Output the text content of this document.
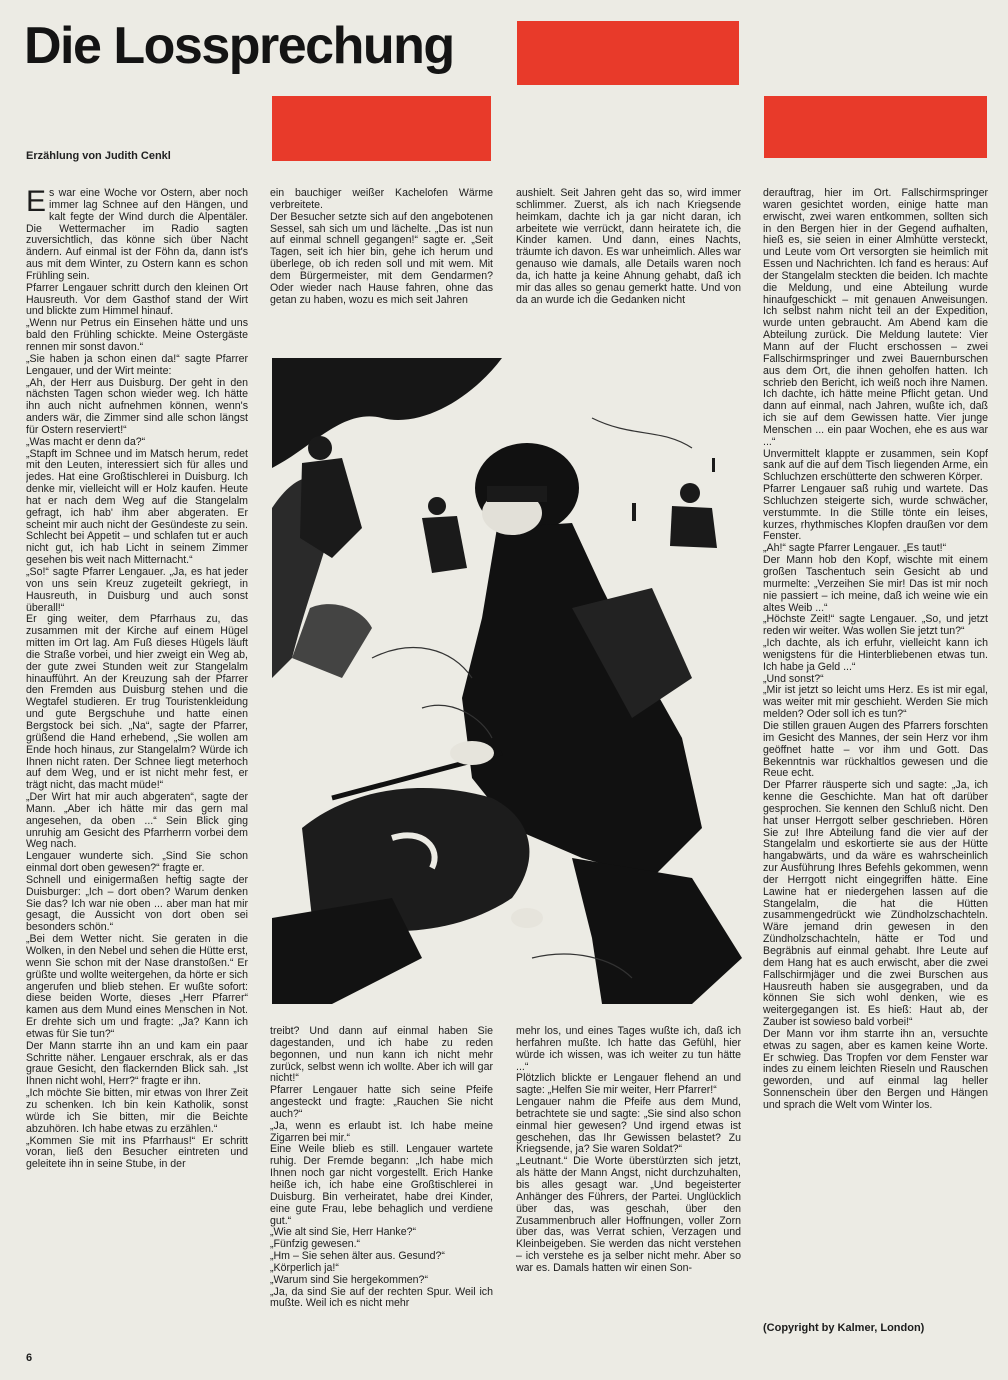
Die Lossprechung
Erzählung von Judith Cenkl

Es war eine Woche vor Ostern, aber noch immer lag Schnee auf den Hängen, und kalt fegte der Wind durch die Alpentäler. Die Wettermacher im Radio sagten zuversichtlich, das könne sich über Nacht ändern. Auf einmal ist der Föhn da, dann ist's aus mit dem Winter, zu Ostern kann es schon Frühling sein.

Pfarrer Lengauer schritt durch den kleinen Ort Hausreuth. Vor dem Gasthof stand der Wirt und blickte zum Himmel hinauf.

„Wenn nur Petrus ein Einsehen hätte und uns bald den Frühling schickte. Meine Ostergäste rennen mir sonst davon.“

„Sie haben ja schon einen da!“ sagte Pfarrer Lengauer, und der Wirt meinte:

„Ah, der Herr aus Duisburg. Der geht in den nächsten Tagen schon wieder weg. Ich hätte ihn auch nicht aufnehmen können, wenn's anders wär, die Zimmer sind alle schon längst für Ostern reserviert!“

„Was macht er denn da?“

„Stapft im Schnee und im Matsch herum, redet mit den Leuten, interessiert sich für alles und jedes. Hat eine Großtischlerei in Duisburg. Ich denke mir, vielleicht will er Holz kaufen. Heute hat er nach dem Weg auf die Stangelalm gefragt, ich hab' ihm aber abgeraten. Er scheint mir auch nicht der Gesündeste zu sein. Schlecht bei Appetit – und schlafen tut er auch nicht gut, ich hab Licht in seinem Zimmer gesehen bis weit nach Mitternacht.“

„So!“ sagte Pfarrer Lengauer. „Ja, es hat jeder von uns sein Kreuz zugeteilt gekriegt, in Hausreuth, in Duisburg und auch sonst überall!“

Er ging weiter, dem Pfarrhaus zu, das zusammen mit der Kirche auf einem Hügel mitten im Ort lag. Am Fuß dieses Hügels läuft die Straße vorbei, und hier zweigt ein Weg ab, der gute zwei Stunden weit zur Stangelalm hinaufführt. An der Kreuzung sah der Pfarrer den Fremden aus Duisburg stehen und die Wegtafel studieren. Er trug Touristenkleidung und gute Bergschuhe und hatte einen Bergstock bei sich. „Na“, sagte der Pfarrer, grüßend die Hand erhebend, „Sie wollen am Ende hoch hinaus, zur Stangelalm? Würde ich Ihnen nicht raten. Der Schnee liegt meterhoch auf dem Weg, und er ist nicht mehr fest, er trägt nicht, das macht müde!“

„Der Wirt hat mir auch abgeraten“, sagte der Mann. „Aber ich hätte mir das gern mal angesehen, da oben ...“ Sein Blick ging unruhig am Gesicht des Pfarrherrn vorbei dem Weg nach.

Lengauer wunderte sich. „Sind Sie schon einmal dort oben gewesen?“ fragte er.

Schnell und einigermaßen heftig sagte der Duisburger: „Ich – dort oben? Warum denken Sie das? Ich war nie oben ... aber man hat mir gesagt, die Aussicht von dort oben sei besonders schön.“

„Bei dem Wetter nicht. Sie geraten in die Wolken, in den Nebel und sehen die Hütte erst, wenn Sie schon mit der Nase dranstoßen.“ Er grüßte und wollte weitergehen, da hörte er sich angerufen und blieb stehen. Er wußte sofort: diese beiden Worte, dieses „Herr Pfarrer“ kamen aus dem Mund eines Menschen in Not. Er drehte sich um und fragte: „Ja? Kann ich etwas für Sie tun?“

Der Mann starrte ihn an und kam ein paar Schritte näher. Lengauer erschrak, als er das graue Gesicht, den flackernden Blick sah. „Ist Ihnen nicht wohl, Herr?“ fragte er ihn.

„Ich möchte Sie bitten, mir etwas von Ihrer Zeit zu schenken. Ich bin kein Katholik, sonst würde ich Sie bitten, mir die Beichte abzuhören. Ich habe etwas zu erzählen.“

„Kommen Sie mit ins Pfarrhaus!“ Er schritt voran, ließ den Besucher eintreten und geleitete ihn in seine Stube, in der

ein bauchiger weißer Kachelofen Wärme verbreitete.

Der Besucher setzte sich auf den angebotenen Sessel, sah sich um und lächelte. „Das ist nun auf einmal schnell gegangen!“ sagte er. „Seit Tagen, seit ich hier bin, gehe ich herum und überlege, ob ich reden soll und mit wem. Mit dem Bürgermeister, mit dem Gendarmen? Oder wieder nach Hause fahren, ohne das getan zu haben, wozu es mich seit Jahren

aushielt. Seit Jahren geht das so, wird immer schlimmer. Zuerst, als ich nach Kriegsende heimkam, dachte ich ja gar nicht daran, ich arbeitete wie verrückt, dann heiratete ich, die Kinder kamen. Und dann, eines Nachts, träumte ich davon. Es war unheimlich. Alles war genauso wie damals, alle Details waren noch da, ich hatte ja keine Ahnung gehabt, daß ich mir das alles so genau gemerkt hatte. Und von da an wurde ich die Gedanken nicht

treibt? Und dann auf einmal haben Sie dagestanden, und ich habe zu reden begonnen, und nun kann ich nicht mehr zurück, selbst wenn ich wollte. Aber ich will gar nicht!“

Pfarrer Lengauer hatte sich seine Pfeife angesteckt und fragte: „Rauchen Sie nicht auch?“

„Ja, wenn es erlaubt ist. Ich habe meine Zigarren bei mir.“

Eine Weile blieb es still. Lengauer wartete ruhig. Der Fremde begann: „Ich habe mich Ihnen noch gar nicht vorgestellt. Erich Hanke heiße ich, ich habe eine Großtischlerei in Duisburg. Bin verheiratet, habe drei Kinder, eine gute Frau, lebe behaglich und verdiene gut.“

„Wie alt sind Sie, Herr Hanke?“

„Fünfzig gewesen.“

„Hm – Sie sehen älter aus. Gesund?“

„Körperlich ja!“

„Warum sind Sie hergekommen?“

„Ja, da sind Sie auf der rechten Spur. Weil ich mußte. Weil ich es nicht mehr

mehr los, und eines Tages wußte ich, daß ich herfahren mußte. Ich hatte das Gefühl, hier würde ich wissen, was ich weiter zu tun hätte ...“

Plötzlich blickte er Lengauer flehend an und sagte: „Helfen Sie mir weiter, Herr Pfarrer!“

Lengauer nahm die Pfeife aus dem Mund, betrachtete sie und sagte: „Sie sind also schon einmal hier gewesen? Und irgend etwas ist geschehen, das Ihr Gewissen belastet? Zu Kriegsende, ja? Sie waren Soldat?“

„Leutnant.“ Die Worte überstürzten sich jetzt, als hätte der Mann Angst, nicht durchzuhalten, bis alles gesagt war. „Und begeisterter Anhänger des Führers, der Partei. Unglücklich über das, was geschah, über den Zusammenbruch aller Hoffnungen, voller Zorn über das, was Verrat schien, Verzagen und Kleinbeigeben. Sie werden das nicht verstehen – ich verstehe es ja selber nicht mehr. Aber so war es. Damals hatten wir einen Son-

derauftrag, hier im Ort. Fallschirmspringer waren gesichtet worden, einige hatte man erwischt, zwei waren entkommen, sollten sich in den Bergen hier in der Gegend aufhalten, hieß es, sie seien in einer Almhütte versteckt, und Leute vom Ort versorgten sie heimlich mit Essen und Nachrichten. Ich fand es heraus: Auf der Stangelalm steckten die beiden. Ich machte die Meldung, und eine Abteilung wurde hinaufgeschickt – mit genauen Anweisungen. Ich selbst nahm nicht teil an der Expedition, wurde unten gebraucht. Am Abend kam die Abteilung zurück. Die Meldung lautete: Vier Mann auf der Flucht erschossen – zwei Fallschirmspringer und zwei Bauernburschen aus dem Ort, die ihnen geholfen hatten. Ich schrieb den Bericht, ich weiß noch ihre Namen. Ich dachte, ich hätte meine Pflicht getan. Und dann auf einmal, nach Jahren, wußte ich, daß ich sie auf dem Gewissen hatte. Vier junge Menschen ... ein paar Wochen, ehe es aus war ...“

Unvermittelt klappte er zusammen, sein Kopf sank auf die auf dem Tisch liegenden Arme, ein Schluchzen erschütterte den schweren Körper.

Pfarrer Lengauer saß ruhig und wartete. Das Schluchzen steigerte sich, wurde schwächer, verstummte. In die Stille tönte ein leises, kurzes, rhythmisches Klopfen draußen vor dem Fenster.

„Ah!“ sagte Pfarrer Lengauer. „Es taut!“

Der Mann hob den Kopf, wischte mit einem großen Taschentuch sein Gesicht ab und murmelte: „Verzeihen Sie mir! Das ist mir noch nie passiert – ich meine, daß ich weine wie ein altes Weib ...“

„Höchste Zeit!“ sagte Lengauer. „So, und jetzt reden wir weiter. Was wollen Sie jetzt tun?“

„Ich dachte, als ich erfuhr, vielleicht kann ich wenigstens für die Hinterbliebenen etwas tun. Ich habe ja Geld ...“

„Und sonst?“

„Mir ist jetzt so leicht ums Herz. Es ist mir egal, was weiter mit mir geschieht. Werden Sie mich melden? Oder soll ich es tun?“

Die stillen grauen Augen des Pfarrers forschten im Gesicht des Mannes, der sein Herz vor ihm geöffnet hatte – vor ihm und Gott. Das Bekenntnis war rückhaltlos gewesen und die Reue echt.

Der Pfarrer räusperte sich und sagte: „Ja, ich kenne die Geschichte. Man hat oft darüber gesprochen. Sie kennen den Schluß nicht. Den hat unser Herrgott selber geschrieben. Hören Sie zu! Ihre Abteilung fand die vier auf der Stangelalm und eskortierte sie aus der Hütte hangabwärts, und da wäre es wahrscheinlich zur Ausführung Ihres Befehls gekommen, wenn der Herrgott nicht eingegriffen hätte. Eine Lawine hat er niedergehen lassen auf die Stangelalm, die hat die Hütten zusammengedrückt wie Zündholzschachteln. Wäre jemand drin gewesen in den Zündholzschachteln, hätte er Tod und Begräbnis auf einmal gehabt. Ihre Leute auf dem Hang hat es auch erwischt, aber die zwei Fallschirmjäger und die zwei Burschen aus Hausreuth haben sie ausgegraben, und da können Sie sich wohl denken, wie es weitergegangen ist. Es hieß: Haut ab, der Zauber ist sowieso bald vorbei!“

Der Mann vor ihm starrte ihn an, versuchte etwas zu sagen, aber es kamen keine Worte. Er schwieg. Das Tropfen vor dem Fenster war indes zu einem leichten Rieseln und Rauschen geworden, und auf einmal lag heller Sonnenschein über den Bergen und Hängen und sprach die Welt vom Winter los.

(Copyright by Kalmer, London)
6
